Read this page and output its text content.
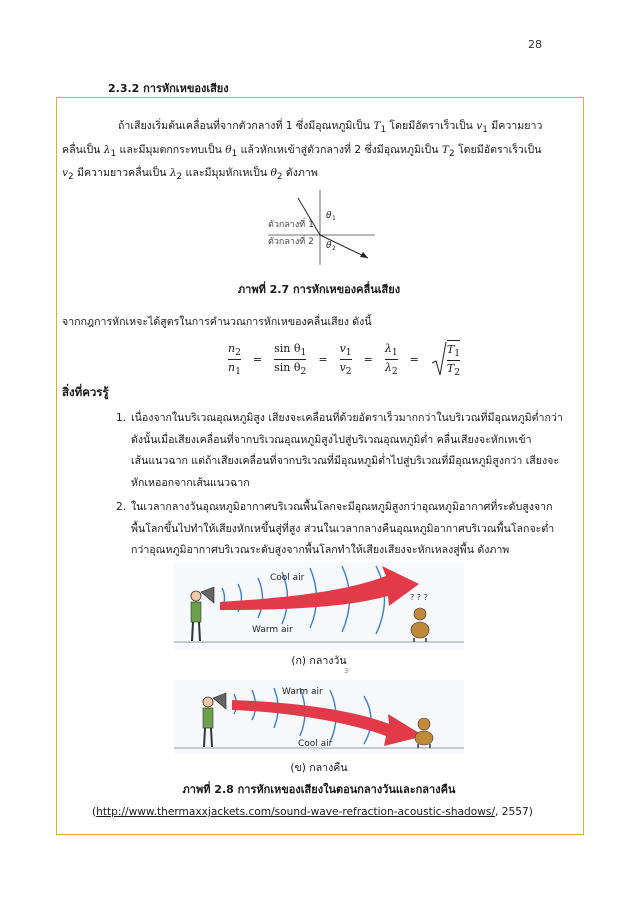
28
2.3.2 การหักเหของเสียง
ถ้าเสียงเริ่มต้นเคลื่อนที่จากตัวกลางที่ 1 ซึ่งมีอุณหภูมิเป็น $T_1$ โดยมีอัตราเร็วเป็น $v_1$ มีความยาว
คลื่นเป็น $\lambda_1$ และมีมุมตกกระทบเป็น $\theta_1$ แล้วหักเหเข้าสู่ตัวกลางที่ 2 ซึ่งมีอุณหภูมิเป็น $T_2$ โดยมีอัตราเร็วเป็น
$v_2$ มีความยาวคลื่นเป็น $\lambda_2$ และมีมุมหักเหเป็น $\theta_2$ ดังภาพ
θ 1
θ 2
ตัวกลางที่ 1
ตัวกลางที่ 2
ภาพที่ 2.7 การหักเหของคลื่นเสียง
จากกฎการหักเหจะได้สูตรในการคำนวณการหักเหของคลื่นเสียง ดังนี้
$\frac{n_2}{n_1} = \frac{\sin \theta_1}{\sin \theta_2} = \frac{v_1}{v_2} = \frac{\lambda_1}{\lambda_2}$ =	$\frac{T_1}{T_2}$
สิ่งที่ควรรู้
1. เนื่องจากในบริเวณอุณหภูมิสูง เสียงจะเคลื่อนที่ด้วยอัตราเร็วมากกว่าในบริเวณที่มีอุณหภูมิต่ำกว่า
ดังนั้นเมื่อเสียงเคลื่อนที่จากบริเวณอุณหภูมิสูงไปสู่บริเวณอุณหภูมิต่ำ คลื่นเสียงจะหักเหเข้า
เส้นแนวฉาก แต่ถ้าเสียงเคลื่อนที่จากบริเวณที่มีอุณหภูมิต่ำไปสู่บริเวณที่มีอุณหภูมิสูงกว่า เสียงจะ
หักเหออกจากเส้นแนวฉาก
2. ในเวลากลางวันอุณหภูมิอากาศบริเวณพื้นโลกจะมีอุณหภูมิสูงกว่าอุณหภูมิอากาศที่ระดับสูงจาก
พื้นโลกขึ้นไปทำให้เสียงหักเหขึ้นสู่ที่สูง ส่วนในเวลากลางคืนอุณหภูมิอากาศบริเวณพื้นโลกจะต่ำ
กว่าอุณหภูมิอากาศบริเวณระดับสูงจากพื้นโลกทำให้เสียงเสียงจะหักเหลงสู่พื้น ดังภาพ
? ? ?
Cool air
Warm air
(ก) กลางวัน
3
Warm air
Cool air
(ข) กลางคืน
ภาพที่ 2.8 การหักเหของเสียงในตอนกลางวันและกลางคืน
(http://www.thermaxxjackets.com/sound-wave-refraction-acoustic-shadows/, 2557)
